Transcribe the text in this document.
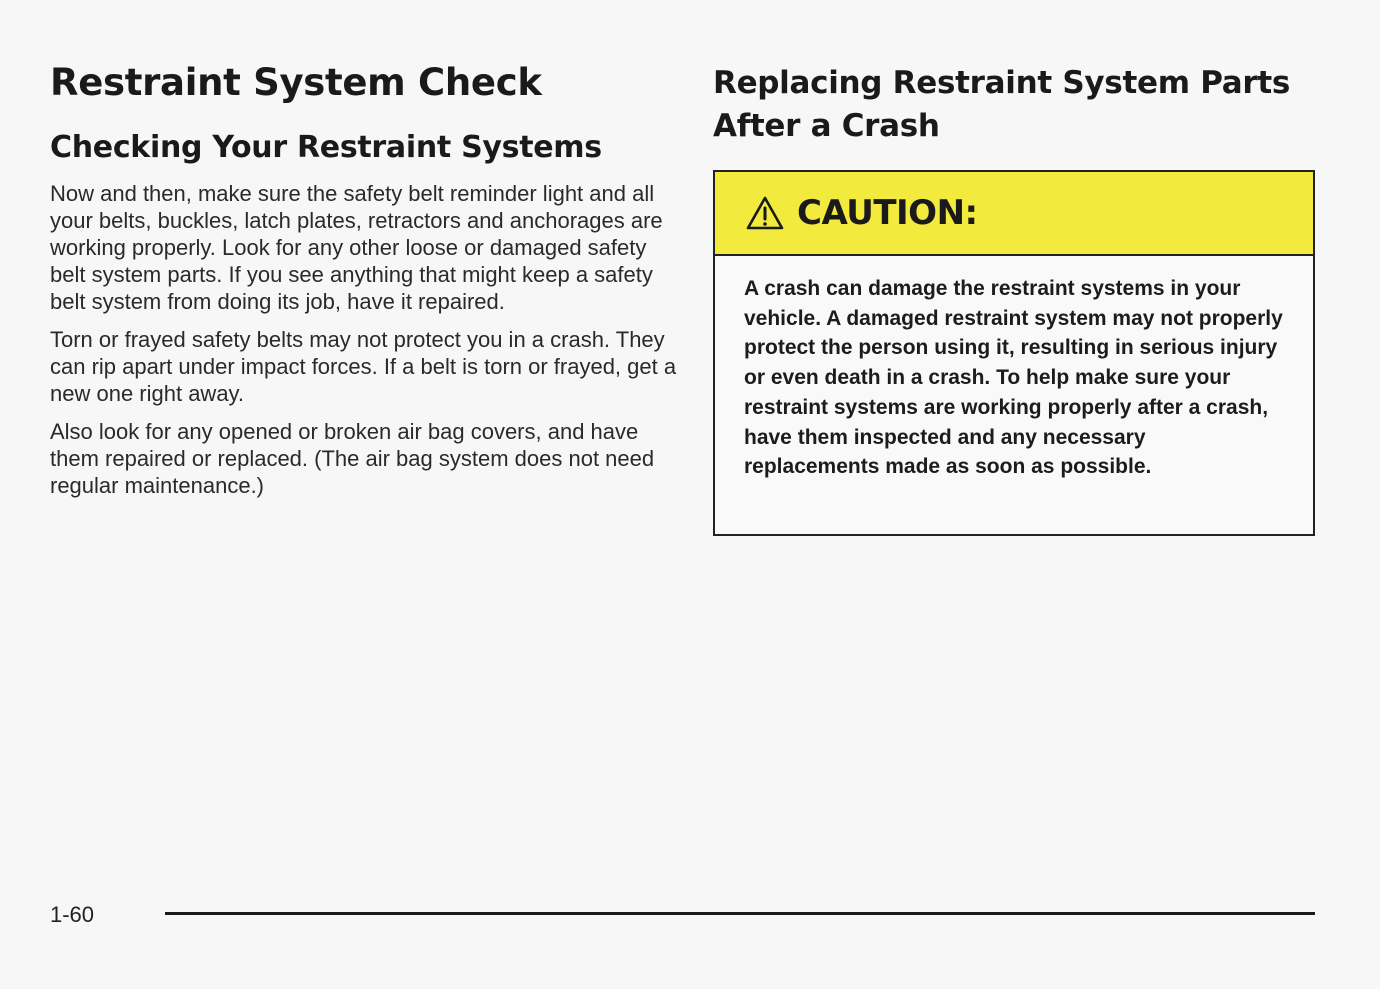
Restraint System Check
Checking Your Restraint Systems

Now and then, make sure the safety belt reminder light and all your belts, buckles, latch plates, retractors and anchorages are working properly. Look for any other loose or damaged safety belt system parts. If you see anything that might keep a safety belt system from doing its job, have it repaired.

Torn or frayed safety belts may not protect you in a crash. They can rip apart under impact forces. If a belt is torn or frayed, get a new one right away.

Also look for any opened or broken air bag covers, and have them repaired or replaced. (The air bag system does not need regular maintenance.)

Replacing Restraint System Parts After a Crash
CAUTION:

A crash can damage the restraint systems in your vehicle. A damaged restraint system may not properly protect the person using it, resulting in serious injury or even death in a crash. To help make sure your restraint systems are working properly after a crash, have them inspected and any necessary replacements made as soon as possible.

1-60
